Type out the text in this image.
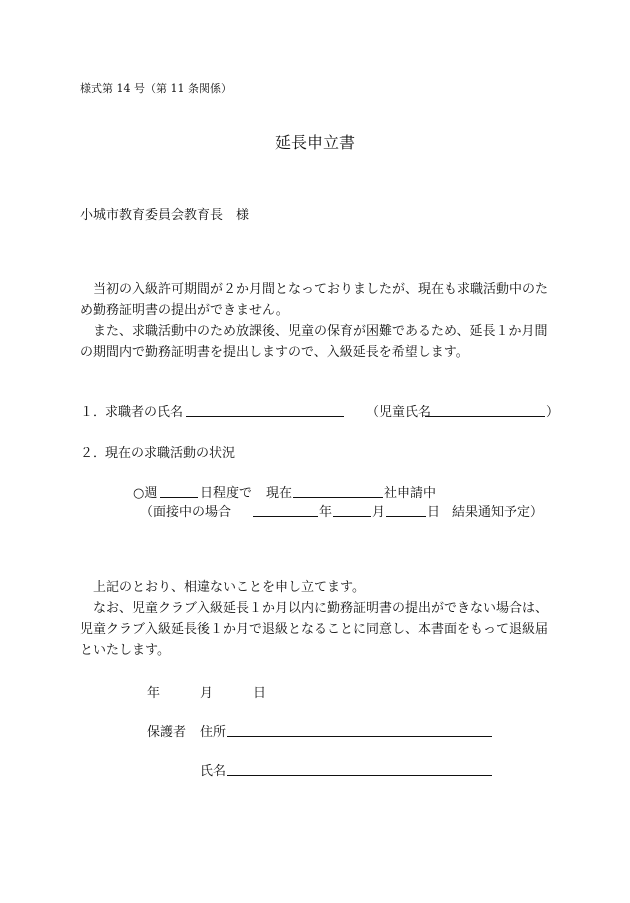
様式第 14 号（第 11 条関係）
延長申立書
小城市教育委員会教育長　様
　当初の入級許可期間が２か月間となっておりましたが、現在も求職活動中のため勤務証明書の提出ができません。
　また、求職活動中のため放課後、児童の保育が困難であるため、延長１か月間の期間内で勤務証明書を提出しますので、入級延長を希望します。
１．
求職者の氏名	（児童氏名	）
２．
現在の求職活動の状況
○週	日程度で 現在	社申請中
（面接中の場合	年	月	日 結果通知予定）
　上記のとおり、相違ないことを申し立てます。
　なお、児童クラブ入級延長１か月以内に勤務証明書の提出ができない場合は、児童クラブ入級延長後１か月で退級となることに同意し、本書面をもって退級届といたします。
年	月	日
保護者 住所
氏名
